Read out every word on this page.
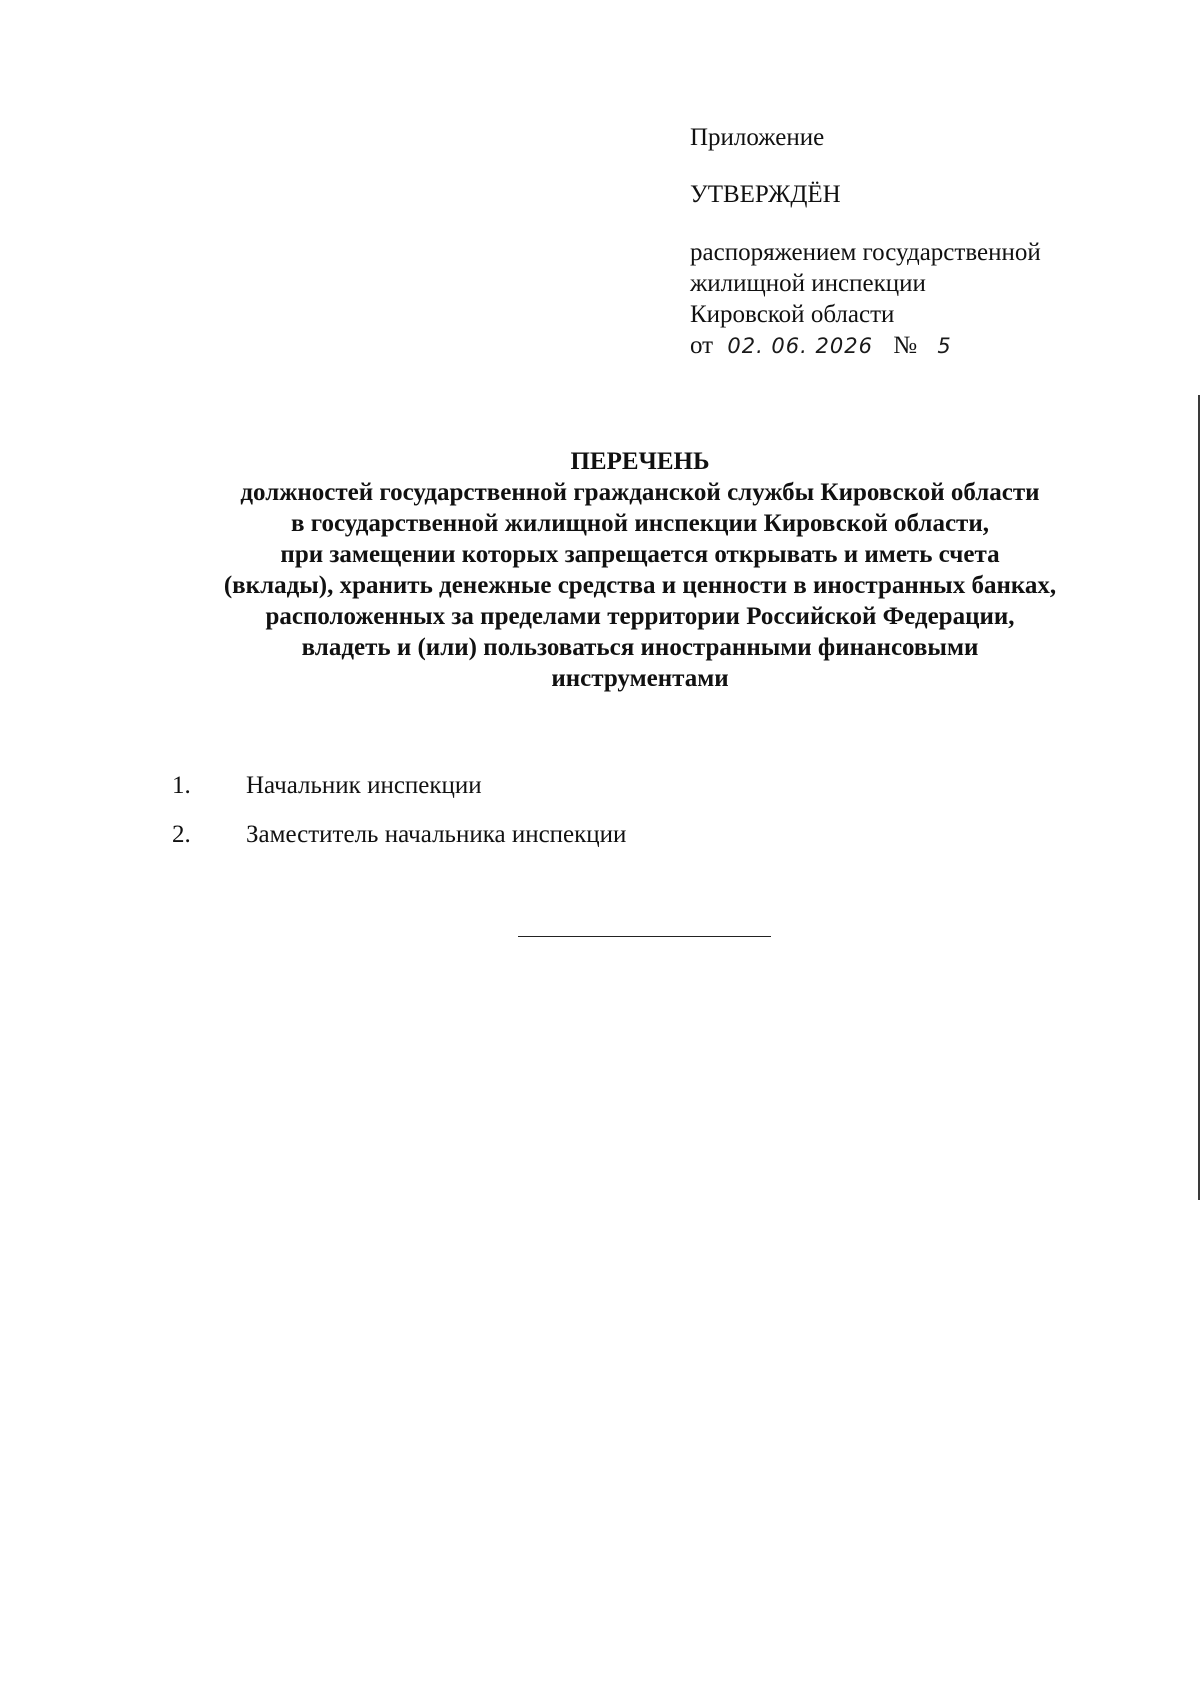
Приложение
УТВЕРЖДЁН
распоряжением государственной
жилищной инспекции
Кировской области
от 02. 06. 2026 № 5
ПЕРЕЧЕНЬ
должностей государственной гражданской службы Кировской области
в государственной жилищной инспекции Кировской области,
при замещении которых запрещается открывать и иметь счета
(вклады), хранить денежные средства и ценности в иностранных банках,
расположенных за пределами территории Российской Федерации,
владеть и (или) пользоваться иностранными финансовыми
инструментами
1.	Начальник инспекции
2.	Заместитель начальника инспекции
